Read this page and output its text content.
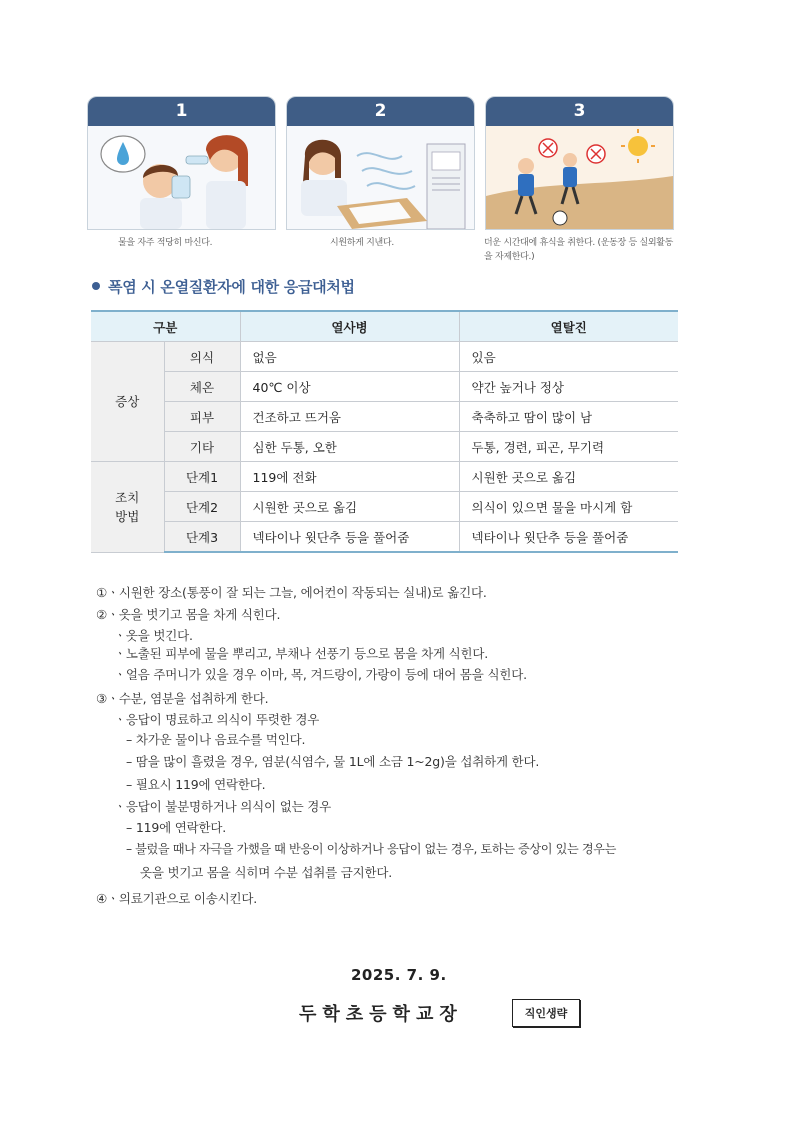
1
물을 자주 적당히 마신다.
2
시원하게 지낸다.
3
더운 시간대에 휴식을 취한다. (운동장 등 실외활동을 자제한다.)
폭염 시 온열질환자에 대한 응급대처법
구분		열사병	열탈진
증상	의식	없음	있음
	체온	40℃ 이상	약간 높거나 정상
	피부	건조하고 뜨거움	축축하고 땀이 많이 남
	기타	심한 두통, 오한	두통, 경련, 피곤, 무기력
조치
방법	단계1	119에 전화	시원한 곳으로 옮김
	단계2	시원한 곳으로 옮김	의식이 있으면 물을 마시게 함
	단계3	넥타이나 윗단추 등을 풀어줌	넥타이나 윗단추 등을 풀어줌
①ㆍ시원한 장소(통풍이 잘 되는 그늘, 에어컨이 작동되는 실내)로 옮긴다.
②ㆍ옷을 벗기고 몸을 차게 식힌다.
ㆍ옷을 벗긴다.
ㆍ노출된 피부에 물을 뿌리고, 부채나 선풍기 등으로 몸을 차게 식힌다.
ㆍ얼음 주머니가 있을 경우 이마, 목, 겨드랑이, 가랑이 등에 대어 몸을 식힌다.
③ㆍ수분, 염분을 섭취하게 한다.
ㆍ응답이 명료하고 의식이 뚜렷한 경우
– 차가운 물이나 음료수를 먹인다.
– 땀을 많이 흘렸을 경우, 염분(식염수, 물 1L에 소금 1~2g)을 섭취하게 한다.
– 필요시 119에 연락한다.
ㆍ응답이 불분명하거나 의식이 없는 경우
– 119에 연락한다.
– 불렀을 때나 자극을 가했을 때 반응이 이상하거나 응답이 없는 경우, 토하는 증상이 있는 경우는
옷을 벗기고 몸을 식히며 수분 섭취를 금지한다.
④ㆍ의료기관으로 이송시킨다.
2025. 7. 9.
두학초등학교장	직인생략
